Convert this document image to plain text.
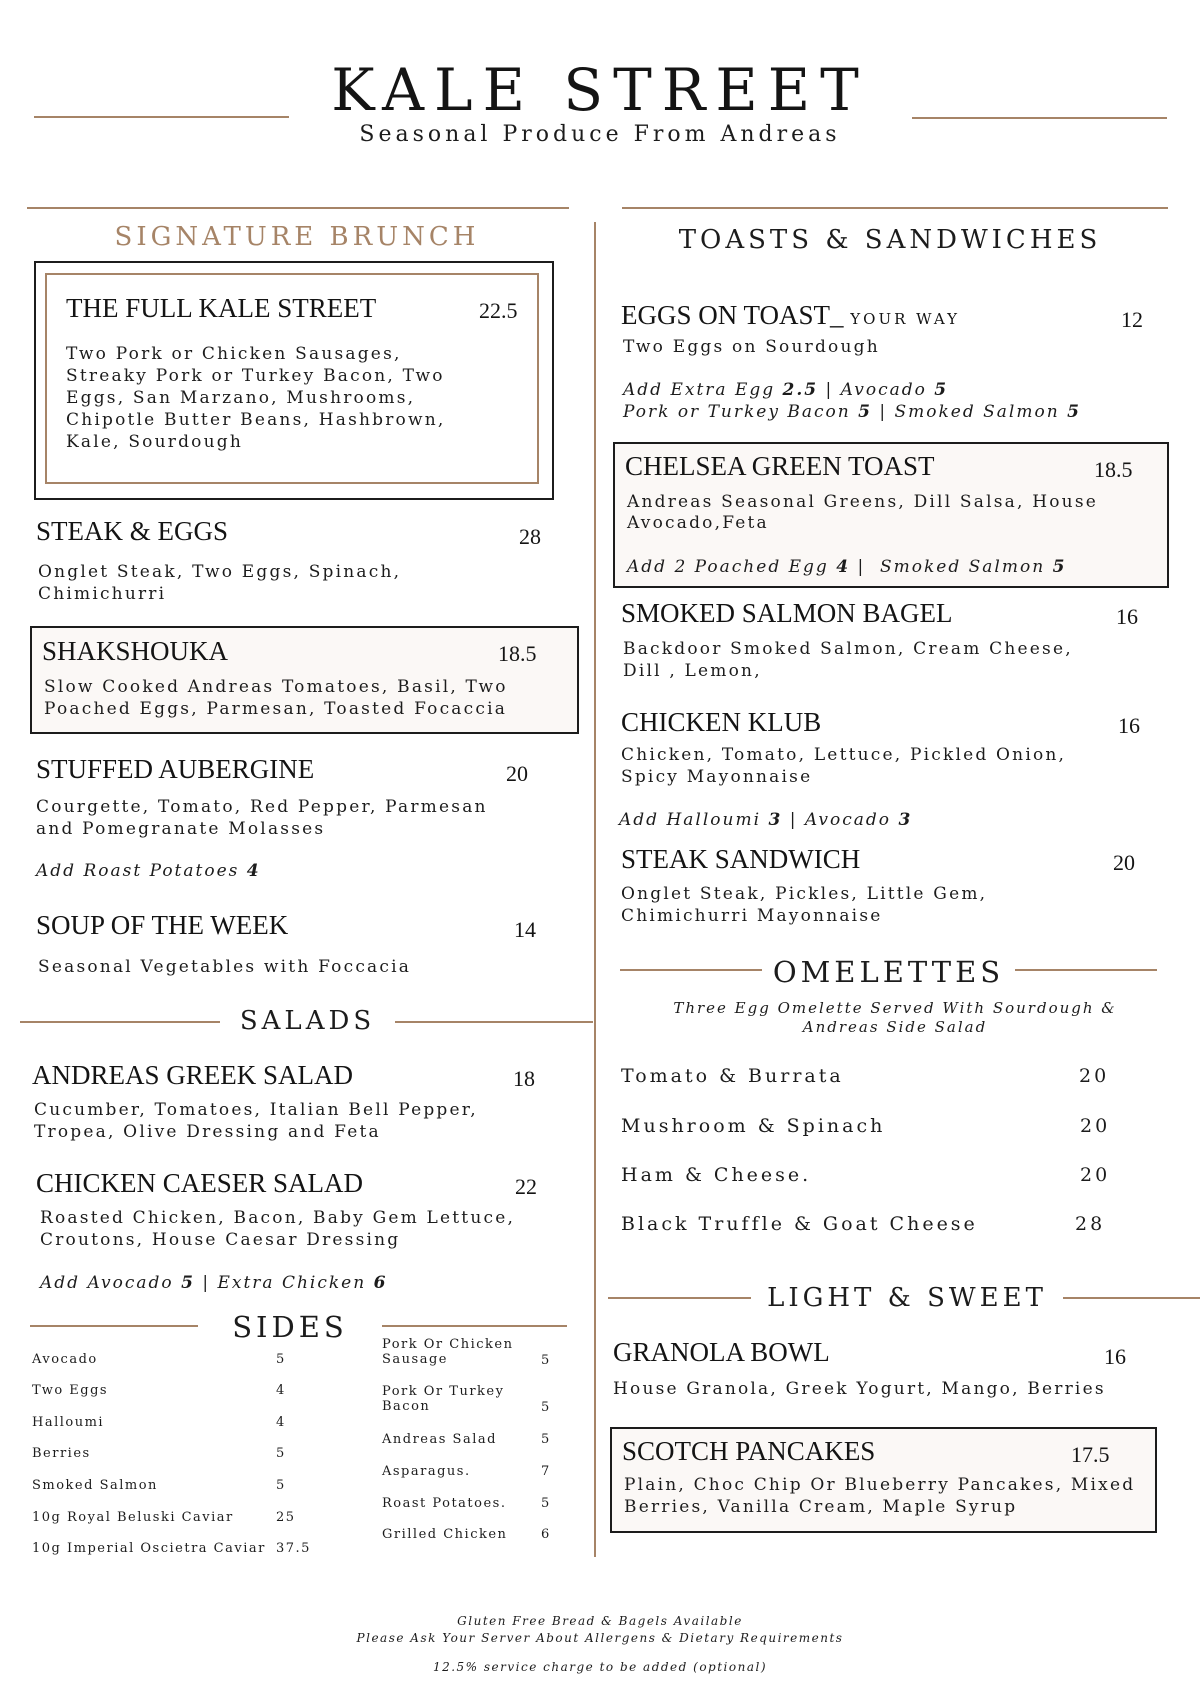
KALE STREET
Seasonal Produce From Andreas
SIGNATURE BRUNCH
THE FULL KALE STREET	22.5
Two Pork or Chicken Sausages, Streaky Pork or Turkey Bacon, Two Eggs, San Marzano, Mushrooms, Chipotle Butter Beans, Hashbrown, Kale, Sourdough
STEAK & EGGS	28
Onglet Steak, Two Eggs, Spinach, Chimichurri
SHAKSHOUKA	18.5
Slow Cooked Andreas Tomatoes, Basil, Two Poached Eggs, Parmesan, Toasted Focaccia
STUFFED AUBERGINE	20
Courgette, Tomato, Red Pepper, Parmesan and Pomegranate Molasses
Add Roast Potatoes 4
SOUP OF THE WEEK	14
Seasonal Vegetables with Foccacia
SALADS
ANDREAS GREEK SALAD	18
Cucumber, Tomatoes, Italian Bell Pepper, Tropea, Olive Dressing and Feta
CHICKEN CAESER SALAD	22
Roasted Chicken, Bacon, Baby Gem Lettuce, Croutons, House Caesar Dressing
Add Avocado 5 | Extra Chicken 6
SIDES
Avocado	5
Two Eggs	4
Halloumi	4
Berries	5
Smoked Salmon	5
10g Royal Beluski Caviar	25
10g Imperial Oscietra Caviar 37.5
Pork Or Chicken Sausage	5
Pork Or Turkey Bacon	5
Andreas Salad	5
Asparagus.	7
Roast Potatoes.	5
Grilled Chicken	6
TOASTS & SANDWICHES
EGGS ON TOAST_ YOUR WAY	12
Two Eggs on Sourdough
Add Extra Egg 2.5 | Avocado 5
Pork or Turkey Bacon 5 | Smoked Salmon 5
CHELSEA GREEN TOAST	18.5
Andreas Seasonal Greens, Dill Salsa, House Avocado,Feta
Add 2 Poached Egg 4 | Smoked Salmon 5
SMOKED SALMON BAGEL	16
Backdoor Smoked Salmon, Cream Cheese, Dill , Lemon,
CHICKEN KLUB	16
Chicken, Tomato, Lettuce, Pickled Onion, Spicy Mayonnaise
Add Halloumi 3 | Avocado 3
STEAK SANDWICH	20
Onglet Steak, Pickles, Little Gem, Chimichurri Mayonnaise
OMELETTES
Three Egg Omelette Served With Sourdough & Andreas Side Salad
Tomato & Burrata	20
Mushroom & Spinach	20
Ham & Cheese.	20
Black Truffle & Goat Cheese	28
LIGHT & SWEET
GRANOLA BOWL	16
House Granola, Greek Yogurt, Mango, Berries
SCOTCH PANCAKES	17.5
Plain, Choc Chip Or Blueberry Pancakes, Mixed Berries, Vanilla Cream, Maple Syrup
Gluten Free Bread & Bagels Available
Please Ask Your Server About Allergens & Dietary Requirements
12.5% service charge to be added (optional)
